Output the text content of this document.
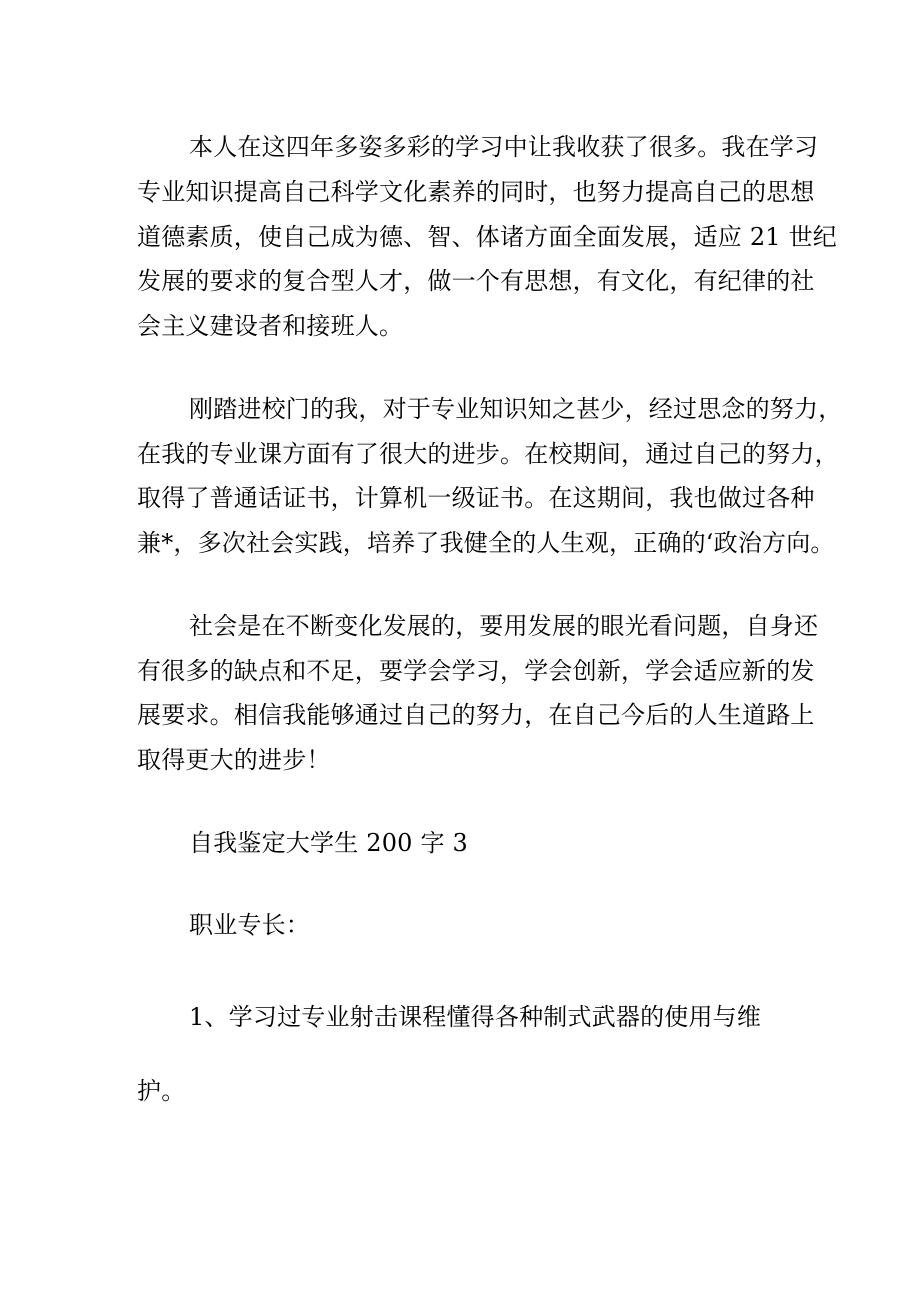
本人在这四年多姿多彩的学习中让我收获了很多。我在学习
专业知识提高自己科学文化素养的同时，也努力提高自己的思想
道德素质，使自己成为德、智、体诸方面全面发展，适应 21 世纪
发展的要求的复合型人才，做一个有思想，有文化，有纪律的社
会主义建设者和接班人。
刚踏进校门的我，对于专业知识知之甚少，经过思念的努力，
在我的专业课方面有了很大的进步。在校期间，通过自己的努力，
取得了普通话证书，计算机一级证书。在这期间，我也做过各种
兼*，多次社会实践，培养了我健全的人生观，正确的‘政治方向。
社会是在不断变化发展的，要用发展的眼光看问题，自身还
有很多的缺点和不足，要学会学习，学会创新，学会适应新的发
展要求。相信我能够通过自己的努力，在自己今后的人生道路上
取得更大的进步！
自我鉴定大学生 200 字 3
职业专长：
1、学习过专业射击课程懂得各种制式武器的使用与维
护。
